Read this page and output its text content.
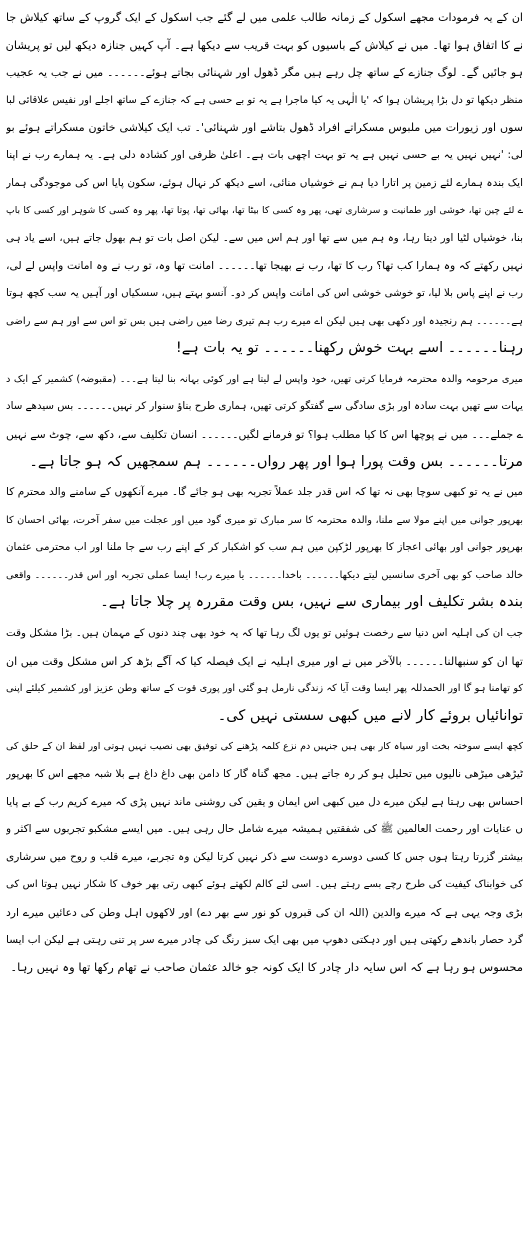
ان کے یہ فرمودات مجھے اسکول کے زمانہ طالب علمی میں لے گئے جب اسکول کے ایک گروپ کے ساتھ کیلاش جا
نے کا اتفاق ہوا تھا۔ میں نے کیلاش کے باسیوں کو بہت قریب سے دیکھا ہے۔ آپ کہیں جنازہ دیکھ لیں تو پریشان
ہو جائیں گے۔ لوگ جنازے کے ساتھ چل رہے ہیں مگر ڈھول اور شہنائی بجاتے ہوئے۔۔۔۔۔۔ میں نے جب یہ عجیب
منظر دیکھا تو دل بڑا پریشان ہوا کہ 'یا الٰہی یہ کیا ماجرا ہے یہ تو بے حسی ہے کہ جنازے کے ساتھ اجلے اور نفیس علاقائی لبا
سوں اور زیورات میں ملبوس مسکراتے افراد ڈھول بتاشے اور شہنائی'۔ تب ایک کیلاشی خاتون مسکراتے ہوئے بو
لی: 'نہیں نہیں یہ بے حسی نہیں ہے یہ تو بہت اچھی بات ہے۔ اعلیٰ ظرفی اور کشادہ دلی ہے۔ یہ ہمارے رب نے اپنا
ایک بندہ ہمارے لئے زمین پر اتارا دیا ہم نے خوشیاں منائی، اسے دیکھ کر نہال ہوئے، سکون پایا اس کی موجودگی ہمار
ے لئے چین تھا، خوشی اور طمانیت و سرشاری تھی، پھر وہ کسی کا بیٹا تھا، بھائی تھا، پوتا تھا، پھر وہ کسی کا شوہر اور کسی کا باپ
بنا، خوشیاں لٹیا اور دیتا رہا، وہ ہم میں سے تھا اور ہم اس میں سے۔ لیکن اصل بات تو ہم بھول جاتے ہیں، اسے یاد ہی
نہیں رکھتے کہ وہ ہمارا کب تھا؟ رب کا تھا، رب نے بھیجا تھا۔۔۔۔۔۔ امانت تھا وہ، تو رب نے وہ امانت واپس لے لی،
رب نے اپنے پاس بلا لیا، تو خوشی خوشی اس کی امانت واپس کر دو۔ آنسو بہتے ہیں، سسکیاں اور آہیں یہ سب کچھ ہوتا
ہے۔۔۔۔۔۔ ہم رنجیدہ اور دکھی بھی ہیں لیکن اے میرے رب ہم تیری رضا میں راضی ہیں بس تو اس سے اور ہم سے راضی
رہنا۔۔۔۔۔۔ اسے بہت خوش رکھنا۔۔۔۔۔۔ تو یہ بات ہے!
میری مرحومہ والدہ محترمہ فرمایا کرتی تھیں، خود واپس لے لیتا ہے اور کوئی بہانہ بنا لیتا ہے۔۔۔ (مقبوضہ) کشمیر کے ایک د
یہات سے تھیں بہت سادہ اور بڑی سادگی سے گفتگو کرتی تھیں، ہماری طرح بناؤ سنوار کر نہیں۔۔۔۔۔۔ بس سیدھے ساد
ے جملے۔۔۔ میں نے پوچھا اس کا کیا مطلب ہوا؟ تو فرمانے لگیں۔۔۔۔۔۔ انسان تکلیف سے، دکھ سے، چوٹ سے نہیں
مرتا۔۔۔۔۔۔ بس وقت پورا ہوا اور پھر رواں۔۔۔۔۔۔ ہم سمجھیں کہ ہو جاتا ہے۔
میں نے یہ تو کبھی سوچا بھی نہ تھا کہ اس قدر جلد عملاً تجربہ بھی ہو جائے گا۔ میرے آنکھوں کے سامنے والد محترم کا
بھرپور جوانی میں اپنے مولا سے ملنا، والدہ محترمہ کا سر مبارک تو میری گود میں اور عجلت میں سفر آخرت، بھائی احسان کا
بھرپور جوانی اور بھائی اعجاز کا بھرپور لڑکپن میں ہم سب کو اشکبار کر کے اپنے رب سے جا ملنا اور اب محترمی عثمان
خالد صاحب کو بھی آخری سانسیں لیتے دیکھا۔۔۔۔۔۔ باخدا۔۔۔۔۔۔ یا میرے رب! ایسا عملی تجربہ اور اس قدر۔۔۔۔۔۔ واقعی
بندہ بشر تکلیف اور بیماری سے نہیں، بس وقت مقررہ پر چلا جاتا ہے۔
جب ان کی اہلیہ اس دنیا سے رخصت ہوئیں تو یوں لگ رہا تھا کہ یہ خود بھی چند دنوں کے مہمان ہیں۔ بڑا مشکل وقت
تھا ان کو سنبھالنا۔۔۔۔۔۔ بالآخر میں نے اور میری اہلیہ نے ایک فیصلہ کیا کہ آگے بڑھ کر اس مشکل وقت میں ان
کو تھامنا ہو گا اور الحمدللہ پھر ایسا وقت آیا کہ زندگی نارمل ہو گئی اور پوری قوت کے ساتھ وطن عزیز اور کشمیر کیلئے اپنی
توانائیاں بروئے کار لانے میں کبھی سستی نہیں کی۔
کچھ ایسے سوختہ بخت اور سیاہ کار بھی ہیں جنہیں دم نزع کلمہ پڑھنے کی توفیق بھی نصیب نہیں ہوتی اور لفظ ان کے حلق کی
ٹیڑھی میڑھی نالیوں میں تحلیل ہو کر رہ جاتے ہیں۔ مجھ گناہ گار کا دامن بھی داغ داغ ہے بلا شبہ مجھے اس کا بھرپور
احساس بھی رہتا ہے لیکن میرے دل میں کبھی اس ایمان و یقین کی روشنی ماند نہیں پڑی کہ میرے کریم رب کے بے پایا
ں عنایات اور رحمت العالمین ﷺ کی شفقتیں ہمیشہ میرے شامل حال رہی ہیں۔ میں ایسے مشکبو تجربوں سے اکثر و
بیشتر گزرتا رہتا ہوں جس کا کسی دوسرے دوست سے ذکر نہیں کرتا لیکن وہ تجربے، میرے قلب و روح میں سرشاری
کی خوابناک کیفیت کی طرح رچے بسے رہتے ہیں۔ اسی لئے کالم لکھتے ہوئے کبھی رتی بھر خوف کا شکار نہیں ہوتا اس کی
بڑی وجہ یہی ہے کہ میرے والدین (اللہ ان کی قبروں کو نور سے بھر دے) اور لاکھوں اہل وطن کی دعائیں میرے ارد
گرد حصار باندھے رکھتی ہیں اور دہکتی دھوپ میں بھی ایک سبز رنگ کی چادر میرے سر پر تنی رہتی ہے لیکن اب ایسا
محسوس ہو رہا ہے کہ اس سایہ دار چادر کا ایک کونہ جو خالد عثمان صاحب نے تھام رکھا تھا وہ نہیں رہا۔
